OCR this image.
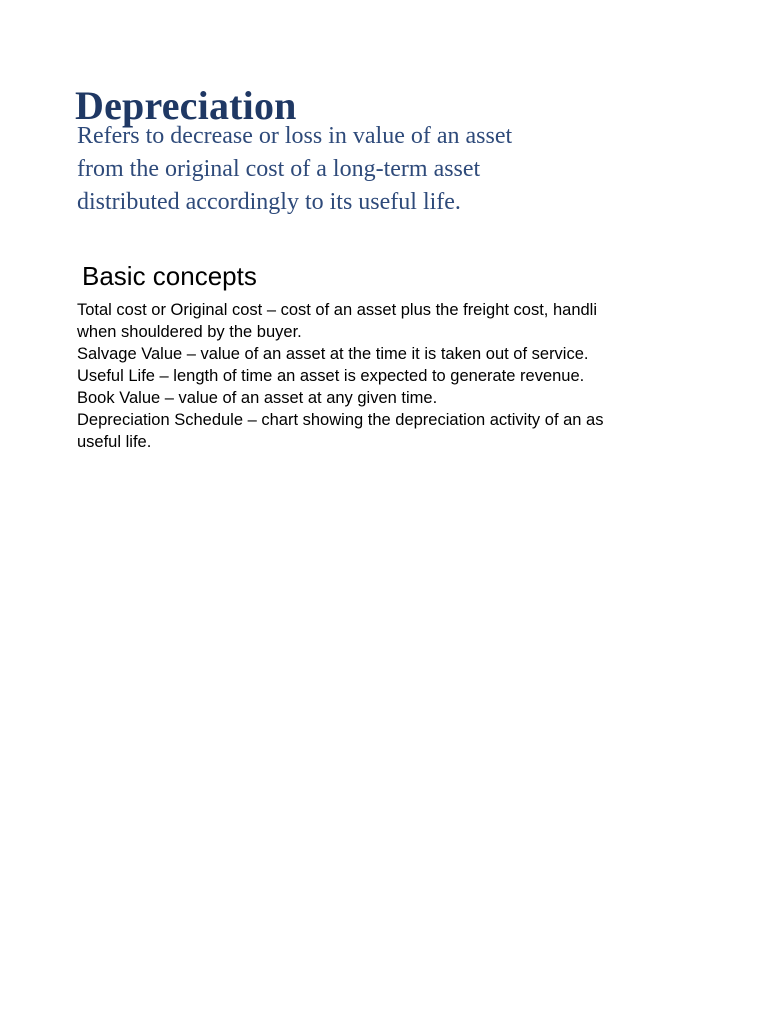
Depreciation

Refers to decrease or loss in value of an asset
from the original cost of a long-term asset
distributed accordingly to its useful life.

Basic concepts
Total cost or Original cost – cost of an asset plus the freight cost, handli
when shouldered by the buyer.
Salvage Value – value of an asset at the time it is taken out of service.
Useful Life – length of time an asset is expected to generate revenue.
Book Value – value of an asset at any given time.
Depreciation Schedule – chart showing the depreciation activity of an as
useful life.
